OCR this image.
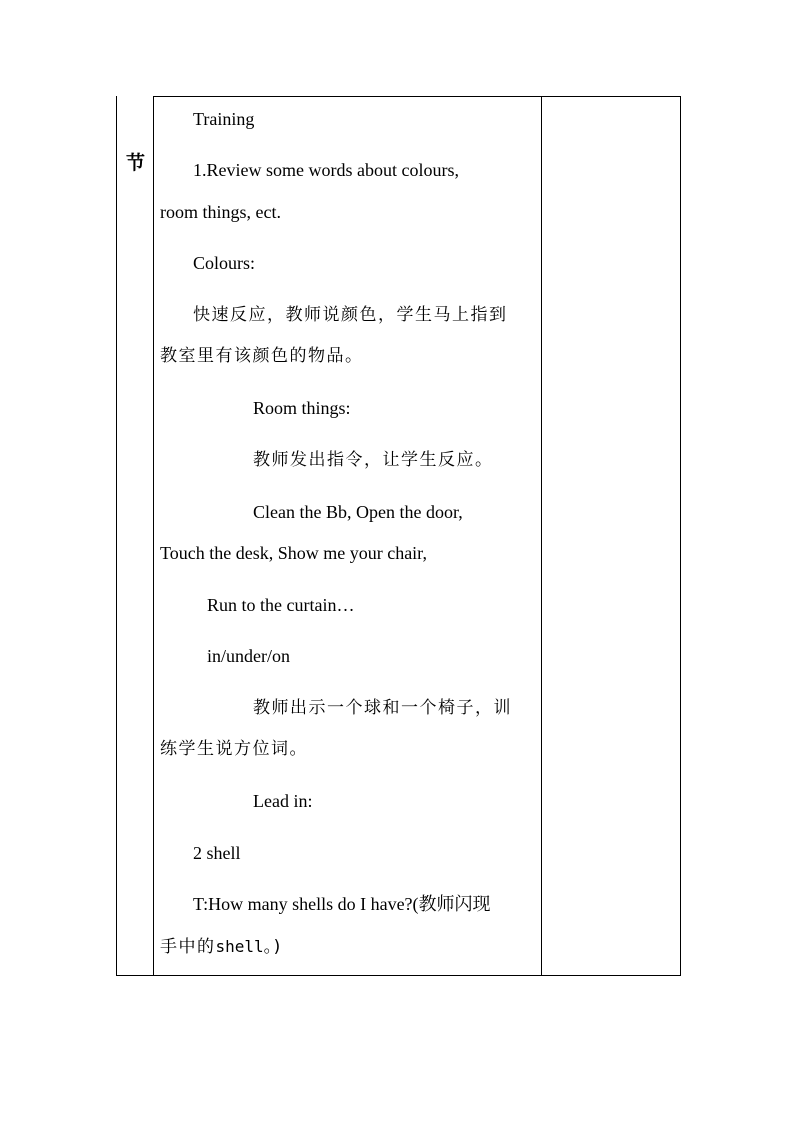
节
Training
1.Review some words about colours,
room things, ect.
Colours:
快速反应，教师说颜色，学生马上指到
教室里有该颜色的物品。
Room things:
教师发出指令，让学生反应。
Clean the Bb, Open the door,
Touch the desk, Show me your chair,
Run to the curtain…
in/under/on
教师出示一个球和一个椅子，训
练学生说方位词。
Lead in:
2 shell
T:How many shells do I have?(教师闪现
手中的shell。)
